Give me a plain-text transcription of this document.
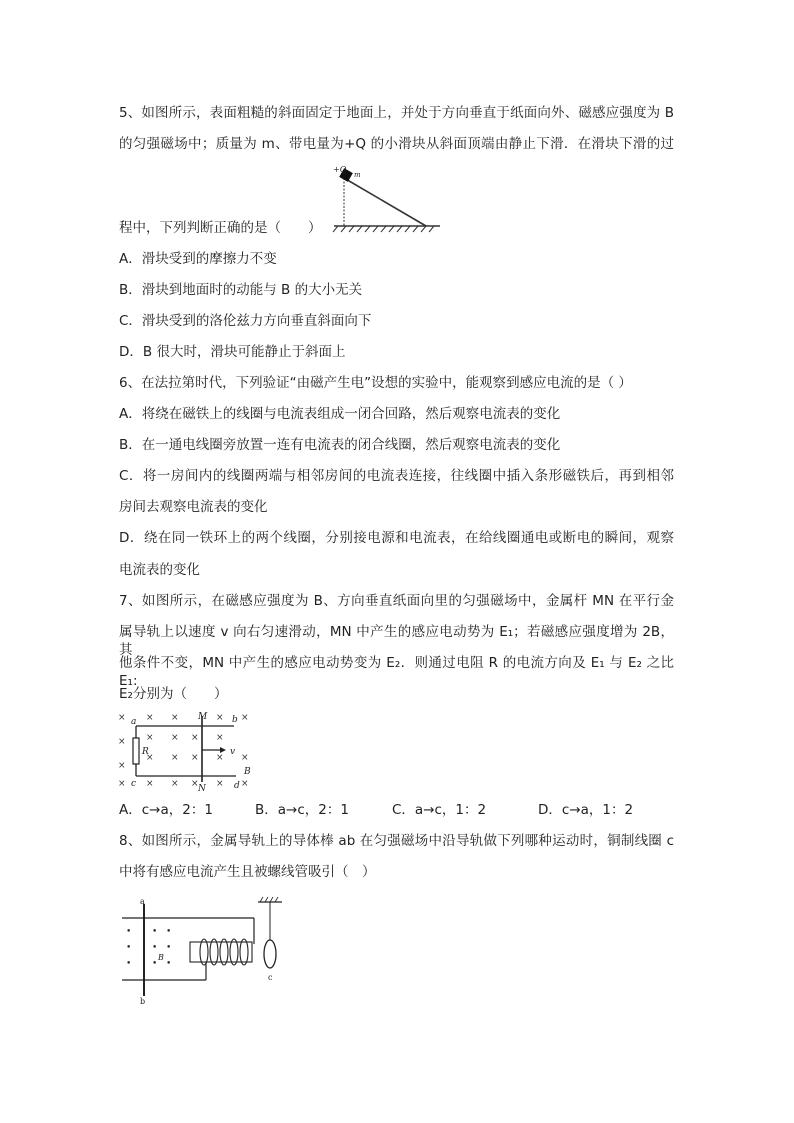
5、如图所示，表面粗糙的斜面固定于地面上，并处于方向垂直于纸面向外、磁感应强度为 B
的匀强磁场中；质量为 m、带电量为+Q 的小滑块从斜面顶端由静止下滑．在滑块下滑的过
+Q
m
程中，下列判断正确的是（　　）
A．滑块受到的摩擦力不变
B．滑块到地面时的动能与 B 的大小无关
C．滑块受到的洛伦兹力方向垂直斜面向下
D．B 很大时，滑块可能静止于斜面上
6、在法拉第时代，下列验证“由磁产生电”设想的实验中，能观察到感应电流的是（ ）
A．将绕在磁铁上的线圈与电流表组成一闭合回路，然后观察电流表的变化
B．在一通电线圈旁放置一连有电流表的闭合线圈，然后观察电流表的变化
C．将一房间内的线圈两端与相邻房间的电流表连接，往线圈中插入条形磁铁后，再到相邻
房间去观察电流表的变化
D．绕在同一铁环上的两个线圈，分别接电源和电流表，在给线圈通电或断电的瞬间，观察
电流表的变化
7、如图所示，在磁感应强度为 B、方向垂直纸面向里的匀强磁场中，金属杆 MN 在平行金
属导轨上以速度 v 向右匀速滑动，MN 中产生的感应电动势为 E₁；若磁感应强度增为 2B，其
他条件不变，MN 中产生的感应电动势变为 E₂．则通过电阻 R 的电流方向及 E₁ 与 E₂ 之比 E₁:
E₂分别为（　　）
× × ×	× ×
× × × ×
×
× × × × ×
×
× × × × × ×
a	b
c	d
M
N
R	v
B
A．c→a，2：1	B．a→c，2：1	C．a→c，1：2	D．c→a，1：2
8、如图所示，金属导轨上的导体棒 ab 在匀强磁场中沿导轨做下列哪种运动时，铜制线圈 c
中将有感应电流产生且被螺线管吸引（　）
• • •
• • •
• • •
B
a
b
c
